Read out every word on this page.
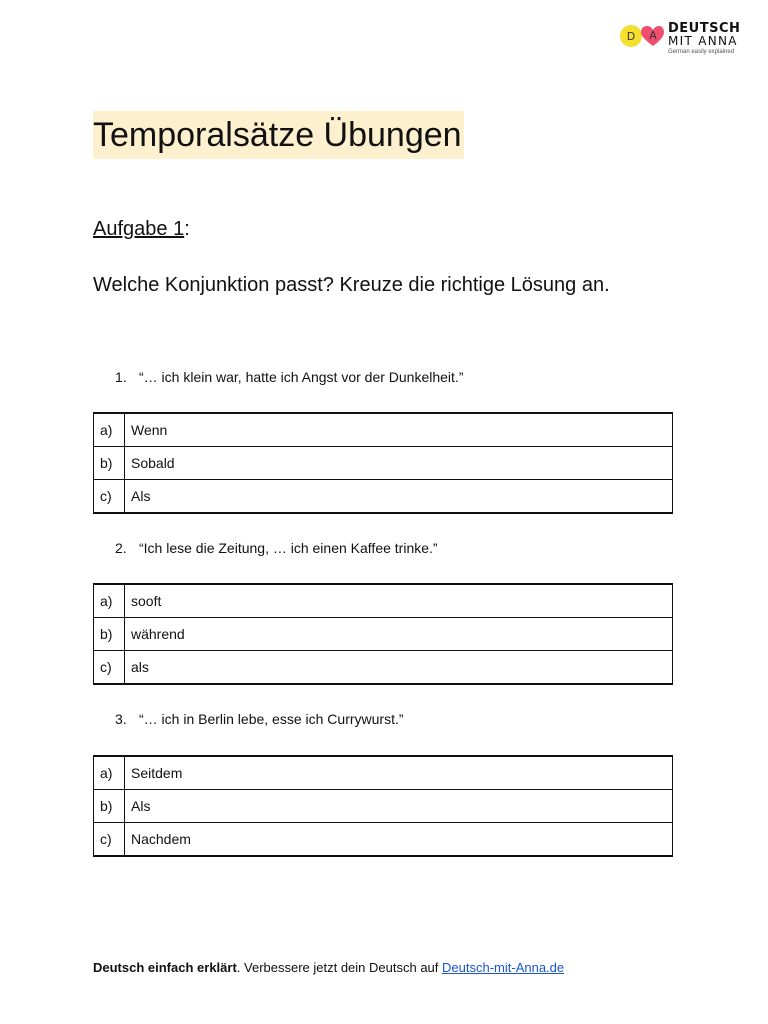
D A DEUTSCH
MIT ANNA
German easily explained
Temporalsätze Übungen
Aufgabe 1:
Welche Konjunktion passt? Kreuze die richtige Lösung an.
1. “… ich klein war, hatte ich Angst vor der Dunkelheit.”
a)	Wenn
b)	Sobald
c)	Als
2. “Ich lese die Zeitung, … ich einen Kaffee trinke.”
a)	sooft
b)	während
c)	als
3. “… ich in Berlin lebe, esse ich Currywurst.”
a)	Seitdem
b)	Als
c)	Nachdem
Deutsch einfach erklärt. Verbessere jetzt dein Deutsch auf Deutsch-mit-Anna.de
